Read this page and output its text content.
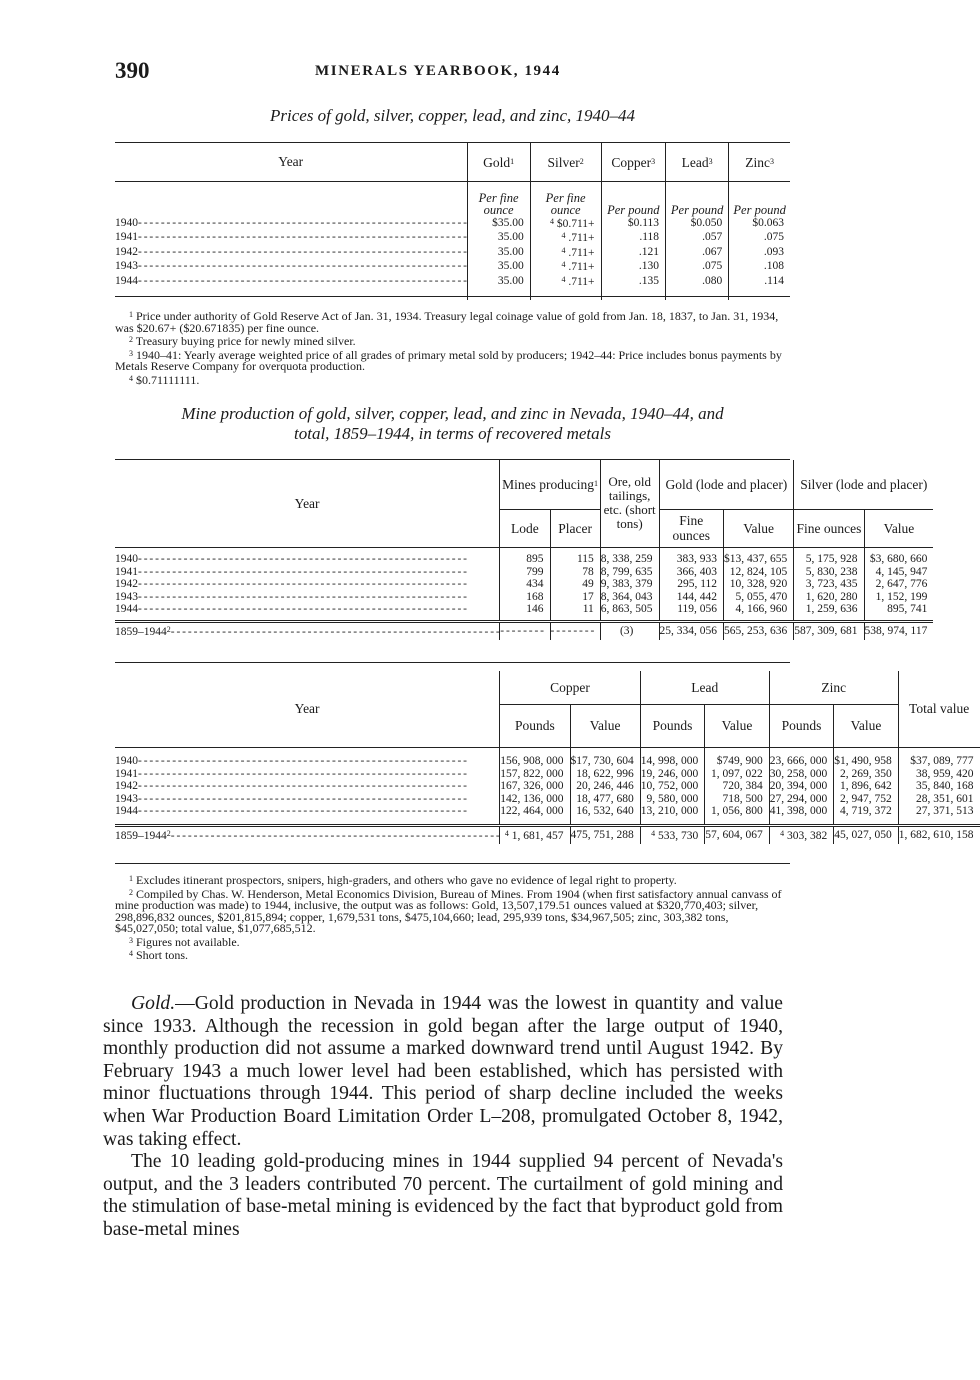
390	MINERALS YEARBOOK, 1944
Prices of gold, silver, copper, lead, and zinc, 1940–44
Year	Gold$^1$	Silver$^2$	Copper$^3$	Lead$^3$	Zinc$^3$
	Per fine ounce	Per fine ounce	Per pound	Per pound	Per pound
1940- - - - - - - - - - - - - - - - - - - - - - - - - - - - - - - - - - - - - - - - - - - - - - - - - - - - - - - - - -	$35.00	$^4$ $0.711+	$0.113	$0.050	$0.063
1941- - - - - - - - - - - - - - - - - - - - - - - - - - - - - - - - - - - - - - - - - - - - - - - - - - - - - - - - - -	35.00	$^4$ .711+	.118	.057	.075
1942- - - - - - - - - - - - - - - - - - - - - - - - - - - - - - - - - - - - - - - - - - - - - - - - - - - - - - - - - -	35.00	$^4$ .711+	.121	.067	.093
1943- - - - - - - - - - - - - - - - - - - - - - - - - - - - - - - - - - - - - - - - - - - - - - - - - - - - - - - - - -	35.00	$^4$ .711+	.130	.075	.108
1944- - - - - - - - - - - - - - - - - - - - - - - - - - - - - - - - - - - - - - - - - - - - - - - - - - - - - - - - - -	35.00	$^4$ .711+	.135	.080	.114

$^1$ Price under authority of Gold Reserve Act of Jan. 31, 1934. Treasury legal coinage value of gold from Jan. 18, 1837, to Jan. 31, 1934, was $20.67+ ($20.671835) per fine ounce.

$^2$ Treasury buying price for newly mined silver.

$^3$ 1940–41: Yearly average weighted price of all grades of primary metal sold by producers; 1942–44: Price includes bonus payments by Metals Reserve Company for overquota production.

$^4$ $0.71111111.

Mine production of gold, silver, copper, lead, and zinc in Nevada, 1940–44, and
total, 1859–1944, in terms of recovered metals
Year	Mines producing$^1$		Ore, old tailings, etc. (short tons)	Gold (lode and placer)		Silver (lode and placer)	
	Lode	Placer		Fine ounces	Value	Fine ounces	Value

1940- - - - - - - - - - - - - - - - - - - - - - - - - - - - - - - - - - - - - - - - - - - - - - - - - - - - - - - - - -	895	115	8, 338, 259	383, 933	$13, 437, 655	5, 175, 928	$3, 680, 660
1941- - - - - - - - - - - - - - - - - - - - - - - - - - - - - - - - - - - - - - - - - - - - - - - - - - - - - - - - - -	799	78	8, 799, 635	366, 403	12, 824, 105	5, 830, 238	4, 145, 947
1942- - - - - - - - - - - - - - - - - - - - - - - - - - - - - - - - - - - - - - - - - - - - - - - - - - - - - - - - - -	434	49	9, 383, 379	295, 112	10, 328, 920	3, 723, 435	2, 647, 776
1943- - - - - - - - - - - - - - - - - - - - - - - - - - - - - - - - - - - - - - - - - - - - - - - - - - - - - - - - - -	168	17	8, 364, 043	144, 442	5, 055, 470	1, 620, 280	1, 152, 199
1944- - - - - - - - - - - - - - - - - - - - - - - - - - - - - - - - - - - - - - - - - - - - - - - - - - - - - - - - - -	146	11	6, 863, 505	119, 056	4, 166, 960	1, 259, 636	895, 741

1859–1944$^2$- - - - - - - - - - - - - - - - - - - - - - - - - - - - - - - - - - - - - - - - - - - - - - - - - - - - - - - - - -	- - - - - - - -	- - - - - - - -	(3)	25, 334, 056	565, 253, 636	587, 309, 681	538, 974, 117
Year	Copper		Lead		Zinc		Total value
	Pounds	Value	Pounds	Value	Pounds	Value	

1940- - - - - - - - - - - - - - - - - - - - - - - - - - - - - - - - - - - - - - - - - - - - - - - - - - - - - - - - - -	156, 908, 000	$17, 730, 604	14, 998, 000	$749, 900	23, 666, 000	$1, 490, 958	$37, 089, 777
1941- - - - - - - - - - - - - - - - - - - - - - - - - - - - - - - - - - - - - - - - - - - - - - - - - - - - - - - - - -	157, 822, 000	18, 622, 996	19, 246, 000	1, 097, 022	30, 258, 000	2, 269, 350	38, 959, 420
1942- - - - - - - - - - - - - - - - - - - - - - - - - - - - - - - - - - - - - - - - - - - - - - - - - - - - - - - - - -	167, 326, 000	20, 246, 446	10, 752, 000	720, 384	20, 394, 000	1, 896, 642	35, 840, 168
1943- - - - - - - - - - - - - - - - - - - - - - - - - - - - - - - - - - - - - - - - - - - - - - - - - - - - - - - - - -	142, 136, 000	18, 477, 680	9, 580, 000	718, 500	27, 294, 000	2, 947, 752	28, 351, 601
1944- - - - - - - - - - - - - - - - - - - - - - - - - - - - - - - - - - - - - - - - - - - - - - - - - - - - - - - - - -	122, 464, 000	16, 532, 640	13, 210, 000	1, 056, 800	41, 398, 000	4, 719, 372	27, 371, 513

1859–1944$^2$- - - - - - - - - - - - - - - - - - - - - - - - - - - - - - - - - - - - - - - - - - - - - - - - - - - - - - - - - -	$^4$ 1, 681, 457	475, 751, 288	$^4$ 533, 730	57, 604, 067	$^4$ 303, 382	45, 027, 050	1, 682, 610, 158

$^1$ Excludes itinerant prospectors, snipers, high-graders, and others who gave no evidence of legal right to property.

$^2$ Compiled by Chas. W. Henderson, Metal Economics Division, Bureau of Mines. From 1904 (when first satisfactory annual canvass of mine production was made) to 1944, inclusive, the output was as follows: Gold, 13,507,179.51 ounces valued at $320,770,403; silver, 298,896,832 ounces, $201,815,894; copper, 1,679,531 tons, $475,104,660; lead, 295,939 tons, $34,967,505; zinc, 303,382 tons, $45,027,050; total value, $1,077,685,512.

$^3$ Figures not available.

$^4$ Short tons.

Gold.—Gold production in Nevada in 1944 was the lowest in quantity and value since 1933. Although the recession in gold began after the large output of 1940, monthly production did not assume a marked downward trend until August 1942. By February 1943 a much lower level had been established, which has persisted with minor fluctuations through 1944. This period of sharp decline included the weeks when War Production Board Limitation Order L–208, promulgated October 8, 1942, was taking effect.

The 10 leading gold-producing mines in 1944 supplied 94 percent of Nevada's output, and the 3 leaders contributed 70 percent. The curtailment of gold mining and the stimulation of base-metal mining is evidenced by the fact that byproduct gold from base-metal mines
